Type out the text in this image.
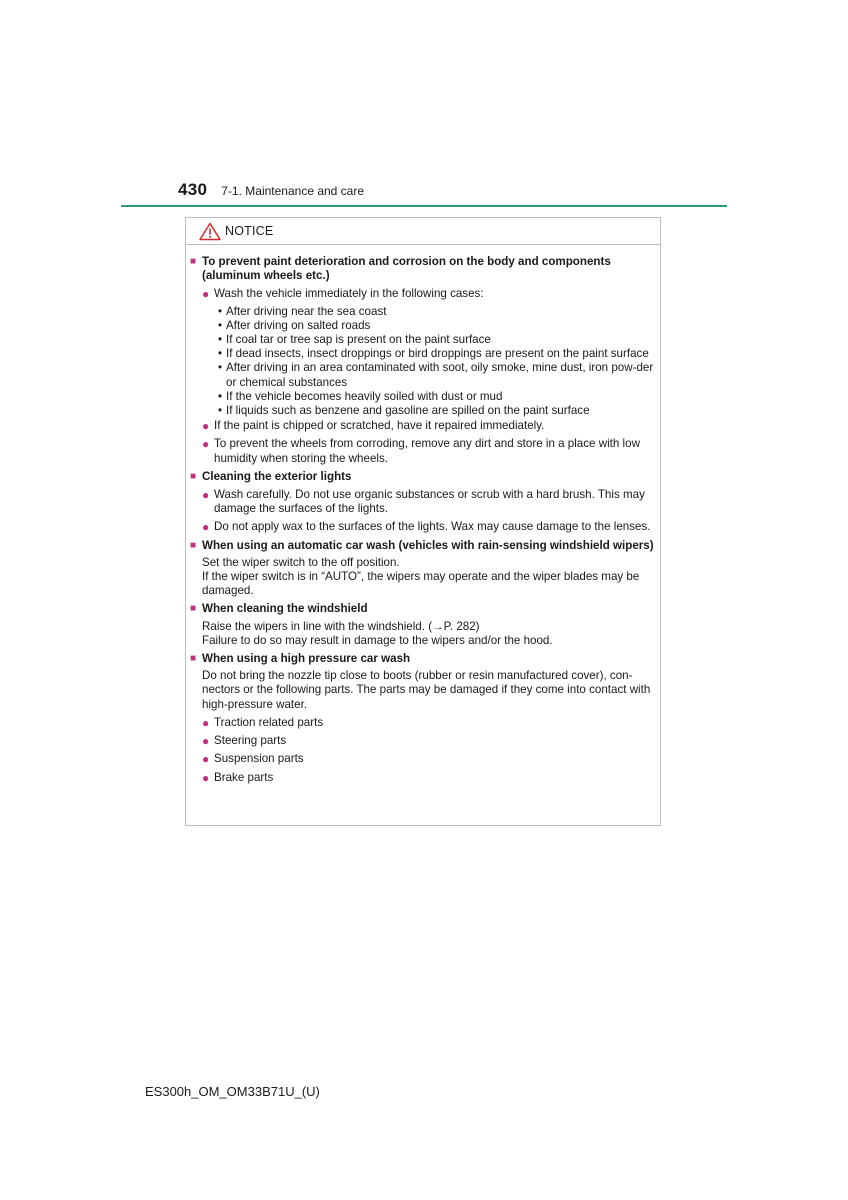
430 7-1. Maintenance and care
NOTICE
■ To prevent paint deterioration and corrosion on the body and components (aluminum wheels etc.)
● Wash the vehicle immediately in the following cases:
• After driving near the sea coast
• After driving on salted roads
• If coal tar or tree sap is present on the paint surface
• If dead insects, insect droppings or bird droppings are present on the paint surface
• After driving in an area contaminated with soot, oily smoke, mine dust, iron pow-der or chemical substances
• If the vehicle becomes heavily soiled with dust or mud
• If liquids such as benzene and gasoline are spilled on the paint surface
● If the paint is chipped or scratched, have it repaired immediately.
● To prevent the wheels from corroding, remove any dirt and store in a place with low humidity when storing the wheels.
■ Cleaning the exterior lights
● Wash carefully. Do not use organic substances or scrub with a hard brush. This may damage the surfaces of the lights.
● Do not apply wax to the surfaces of the lights. Wax may cause damage to the lenses.
■ When using an automatic car wash (vehicles with rain-sensing windshield wipers)
Set the wiper switch to the off position.
If the wiper switch is in “AUTO”, the wipers may operate and the wiper blades may be damaged.
■ When cleaning the windshield
Raise the wipers in line with the windshield. (→P. 282)
Failure to do so may result in damage to the wipers and/or the hood.
■ When using a high pressure car wash
Do not bring the nozzle tip close to boots (rubber or resin manufactured cover), con-nectors or the following parts. The parts may be damaged if they come into contact with high-pressure water.
● Traction related parts
● Steering parts
● Suspension parts
● Brake parts
ES300h_OM_OM33B71U_(U)
